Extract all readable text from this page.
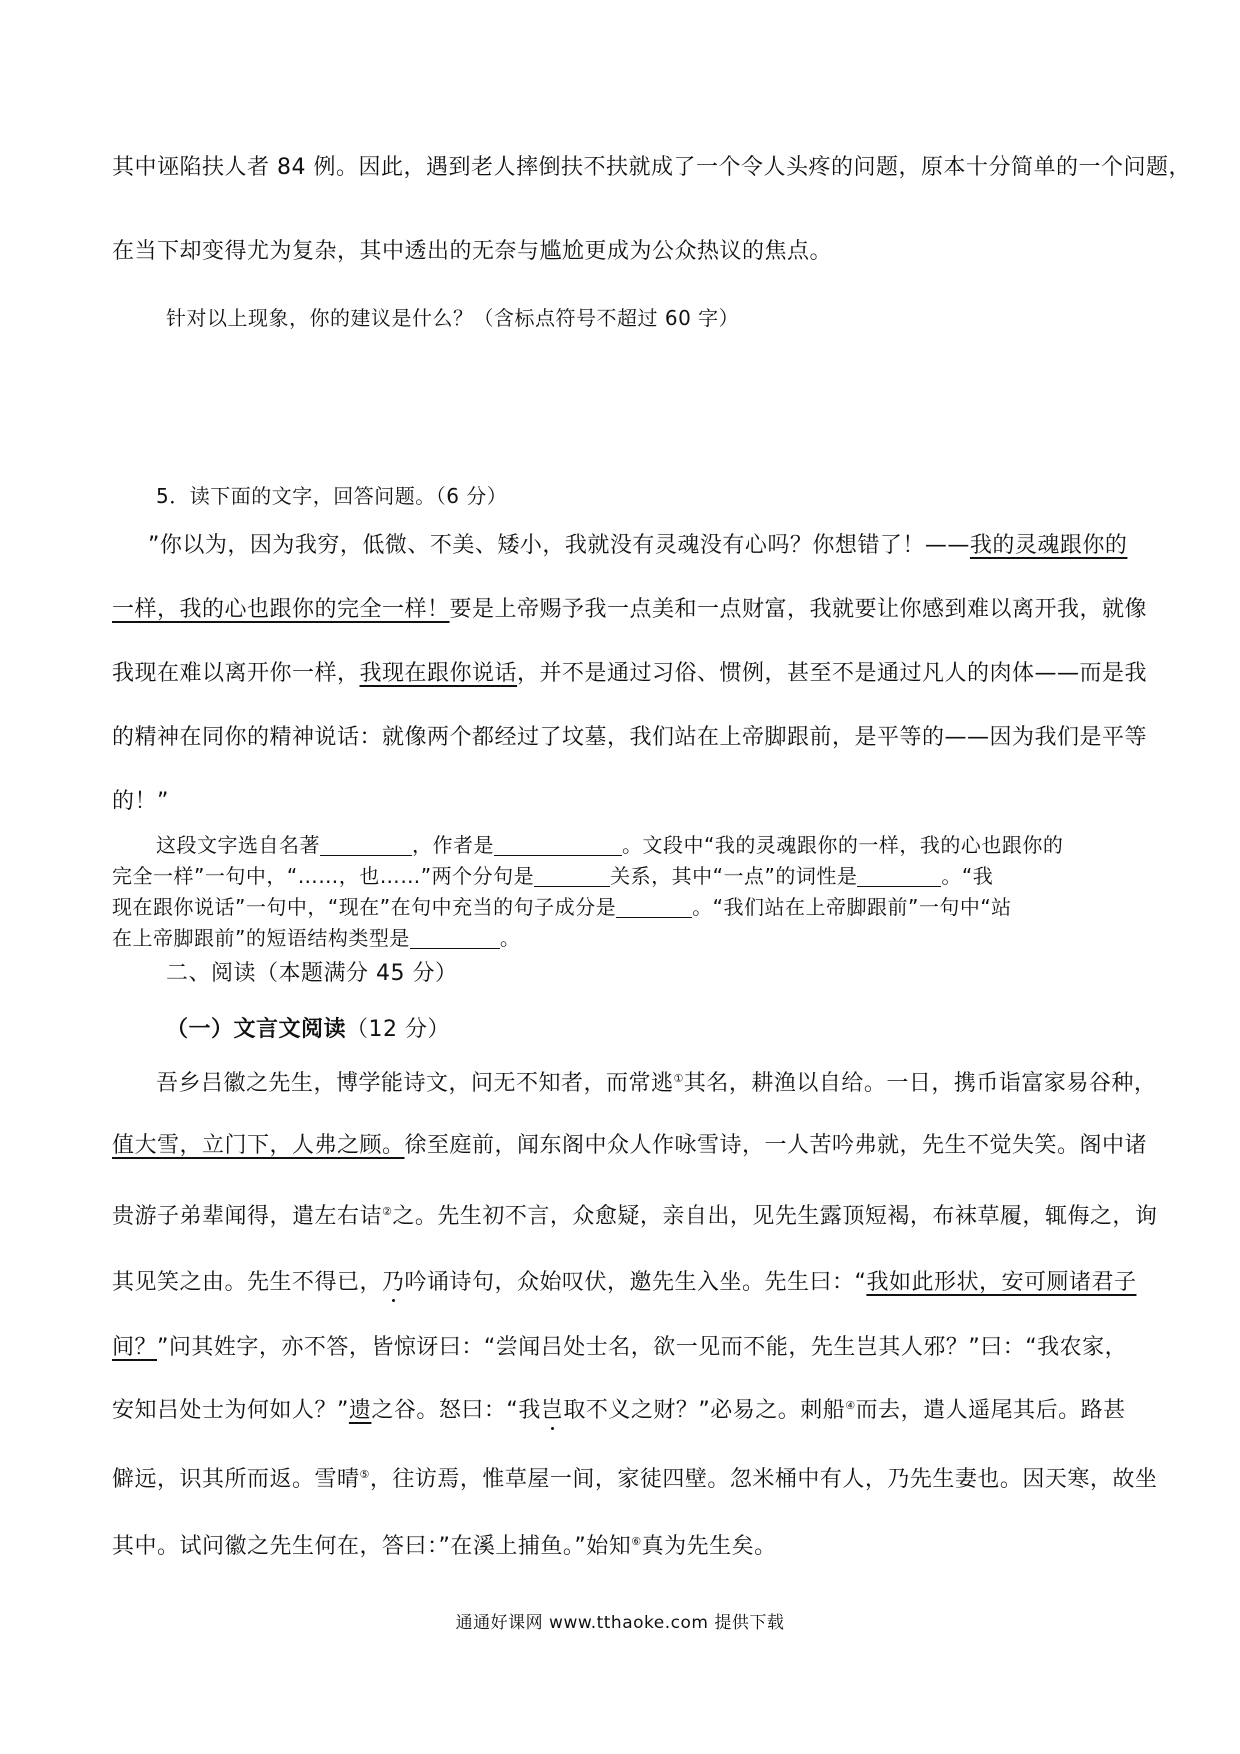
其中诬陷扶人者 84 例。因此，遇到老人摔倒扶不扶就成了一个令人头疼的问题，原本十分简单的一个问题，
在当下却变得尤为复杂，其中透出的无奈与尴尬更成为公众热议的焦点。
针对以上现象，你的建议是什么？（含标点符号不超过 60 字）
5．读下面的文字，回答问题。（6 分）
”你以为，因为我穷，低微、不美、矮小，我就没有灵魂没有心吗？你想错了！——我的灵魂跟你的
一样，我的心也跟你的完全一样！要是上帝赐予我一点美和一点财富，我就要让你感到难以离开我，就像
我现在难以离开你一样，我现在跟你说话，并不是通过习俗、惯例，甚至不是通过凡人的肉体——而是我
的精神在同你的精神说话：就像两个都经过了坟墓，我们站在上帝脚跟前，是平等的——因为我们是平等
的！”
这段文字选自名著	，作者是	。文段中“我的灵魂跟你的一样，我的心也跟你的
完全一样”一句中，“……，也……”两个分句是	关系，其中“一点”的词性是	。“我
现在跟你说话”一句中，“现在”在句中充当的句子成分是	。“我们站在上帝脚跟前”一句中“站
在上帝脚跟前”的短语结构类型是	。
二、阅读（本题满分 45 分）
（一）文言文阅读（12 分）
吾乡吕徽之先生，博学能诗文，问无不知者，而常逃①其名，耕渔以自给。一日，携币诣富家易谷种，
值大雪，立门下，人弗之顾。徐至庭前，闻东阁中众人作咏雪诗，一人苦吟弗就，先生不觉失笑。阁中诸
贵游子弟辈闻得，遣左右诘②之。先生初不言，众愈疑，亲自出，见先生露顶短褐，布袜草履，辄侮之，询
其见笑之由。先生不得已，乃吟诵诗句，众始叹伏，邀先生入坐。先生曰：“我如此形状，安可厕诸君子
间？”问其姓字，亦不答，皆惊讶曰：“尝闻吕处士名，欲一见而不能，先生岂其人邪？”曰：“我农家，
安知吕处士为何如人？”遗之谷。怒曰：“我岂取不义之财？”必易之。刺船④而去，遣人遥尾其后。路甚
僻远，识其所而返。雪晴⑤，往访焉，惟草屋一间，家徒四壁。忽米桶中有人，乃先生妻也。因天寒，故坐
其中。试问徽之先生何在，答曰：”在溪上捕鱼。”始知⑥真为先生矣。
通通好课网 www.tthaoke.com 提供下载
